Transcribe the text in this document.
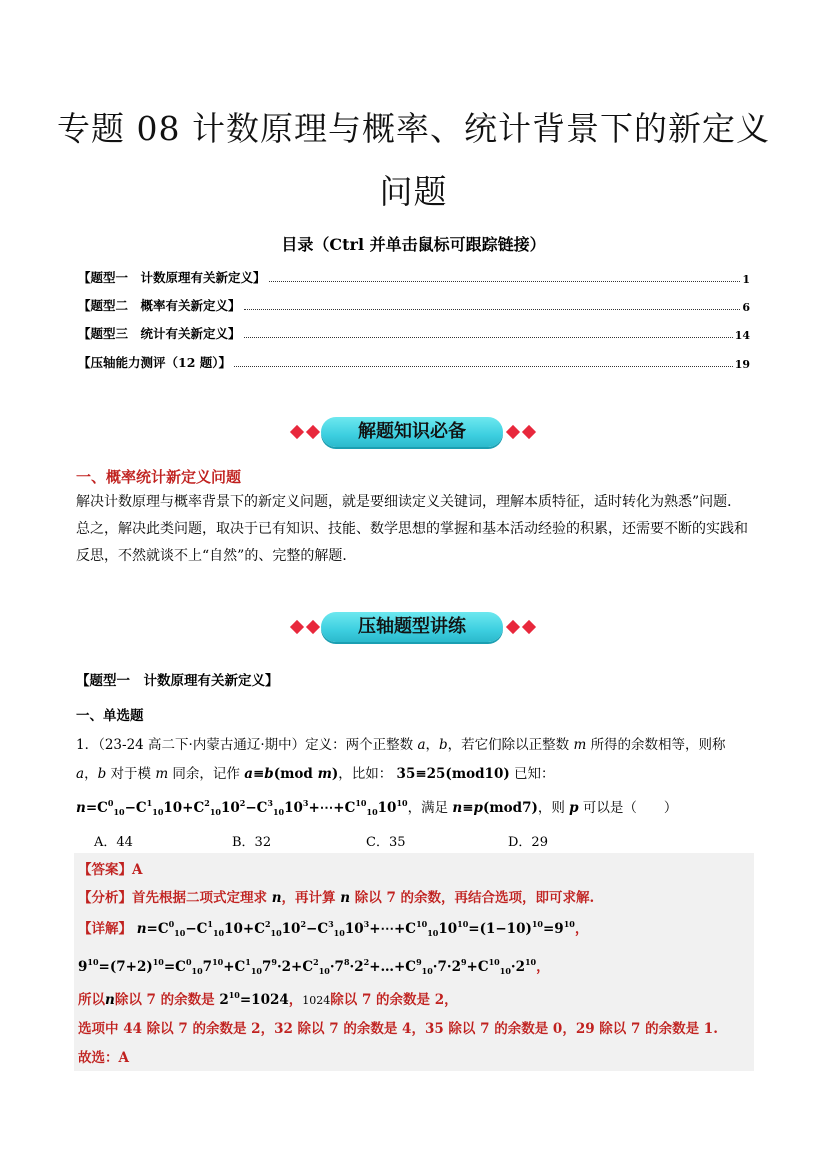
专题 08 计数原理与概率、统计背景下的新定义
问题
目录（Ctrl 并单击鼠标可跟踪链接）
【题型一　计数原理有关新定义】	1
【题型二　概率有关新定义】	6
【题型三　统计有关新定义】	14
【压轴能力测评（12 题）】	19
解题知识必备
一、概率统计新定义问题
解决计数原理与概率背景下的新定义问题，就是要细读定义关键词，理解本质特征，适时转化为熟悉”问题．总之，解决此类问题，取决于已有知识、技能、数学思想的掌握和基本活动经验的积累，还需要不断的实践和反思，不然就谈不上“自然”的、完整的解题．
压轴题型讲练
【题型一　计数原理有关新定义】
一、单选题
1．（23-24 高二下·内蒙古通辽·期中）定义：两个正整数 a，b，若它们除以正整数 m 所得的余数相等，则称
a，b 对于模 m 同余，记作 a≡b(mod m)，比如： 35≡25(mod10) 已知：
$n=C^0_{10}-C^1_{10}10+C^2_{10}10^2-C^3_{10}10^3+\cdots+C^{10}_{10}10^{10}$，满足 n≡p(mod7)，则 p 可以是（　　）
A．44	B．32	C．35	D．29
【答案】A
【分析】首先根据二项式定理求 n，再计算 n 除以 7 的余数，再结合选项，即可求解.
【详解】 $n=C^0_{10}-C^1_{10}10+C^2_{10}10^2-C^3_{10}10^3+\cdots+C^{10}_{10}10^{10}=(1-10)^{10}=9^{10}$，
$9^{10}=(7+2)^{10}=C^0_{10}7^{10}+C^1_{10}7^9\cdot 2+C^2_{10}\cdot 7^8\cdot 2^2+\dots+C^9_{10}\cdot 7\cdot 2^9+C^{10}_{10}\cdot 2^{10}$，
所以n除以 7 的余数是 $2^{10}=1024$，1024除以 7 的余数是 2，
选项中 44 除以 7 的余数是 2，32 除以 7 的余数是 4，35 除以 7 的余数是 0，29 除以 7 的余数是 1.
故选：A
